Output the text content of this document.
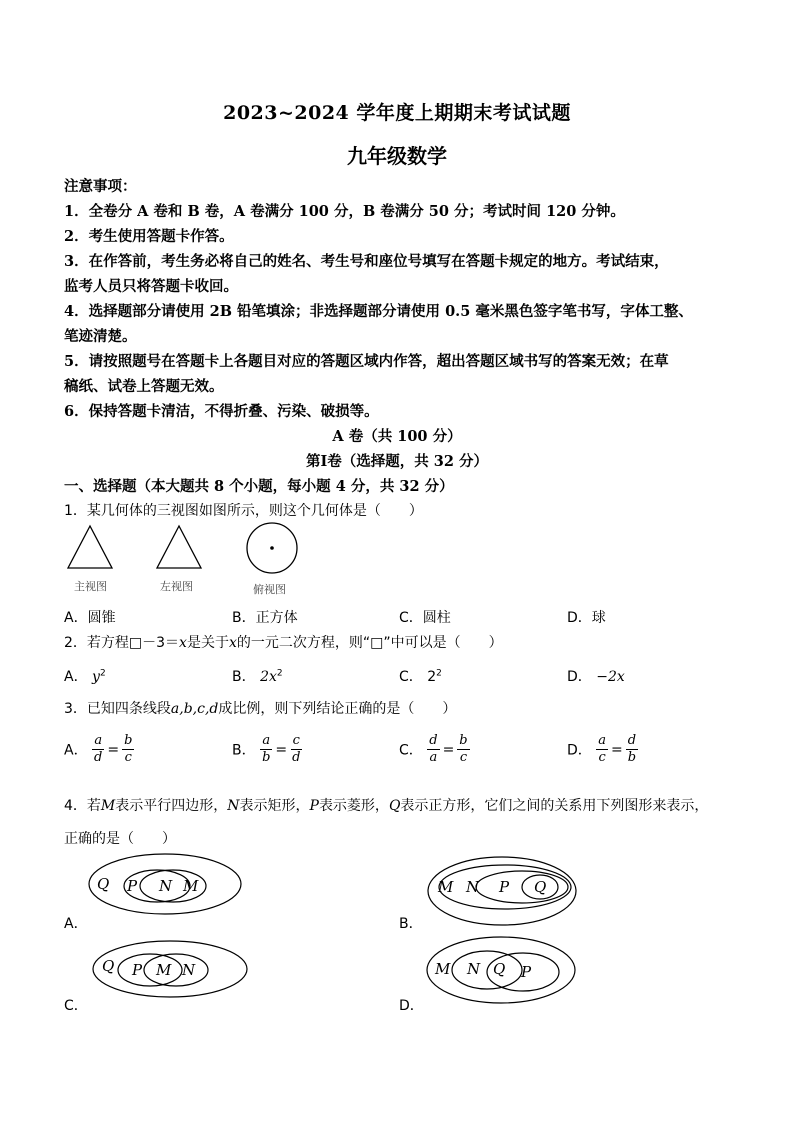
2023~2024 学年度上期期末考试试题
九年级数学
注意事项：
1．全卷分 A 卷和 B 卷，A 卷满分 100 分，B 卷满分 50 分；考试时间 120 分钟。
2．考生使用答题卡作答。
3．在作答前，考生务必将自己的姓名、考生号和座位号填写在答题卡规定的地方。考试结束，
监考人员只将答题卡收回。
4．选择题部分请使用 2B 铅笔填涂；非选择题部分请使用 0.5 毫米黑色签字笔书写，字体工整、
笔迹清楚。
5．请按照题号在答题卡上各题目对应的答题区域内作答，超出答题区域书写的答案无效；在草
稿纸、试卷上答题无效。
6．保持答题卡清洁，不得折叠、污染、破损等。
A 卷（共 100 分）
第Ⅰ卷（选择题，共 32 分）
一、选择题（本大题共 8 个小题，每小题 4 分，共 32 分）
1．某几何体的三视图如图所示，则这个几何体是（　　）
主视图	左视图	俯视图
A．圆锥	B．正方体	C．圆柱	D．球
2．若方程□－3＝x是关于x的一元二次方程，则“□”中可以是（　　）
A． $y^2$	B． $2x^2$	C． $2^2$	D． −2x
3．已知四条线段a,b,c,d成比例，则下列结论正确的是（　　）
A． $\frac{a}{d} = \frac{b}{c}$	B． $\frac{a}{b} = \frac{c}{d}$	C． $\frac{d}{a} = \frac{b}{c}$	D． $\frac{a}{c} = \frac{d}{b}$
4．若M表示平行四边形，N表示矩形，P表示菱形，Q表示正方形，它们之间的关系用下列图形来表示，
正确的是（　　）
Q P N M
A．
M N P Q
B．
Q P M N
C．
M N Q P
D．
